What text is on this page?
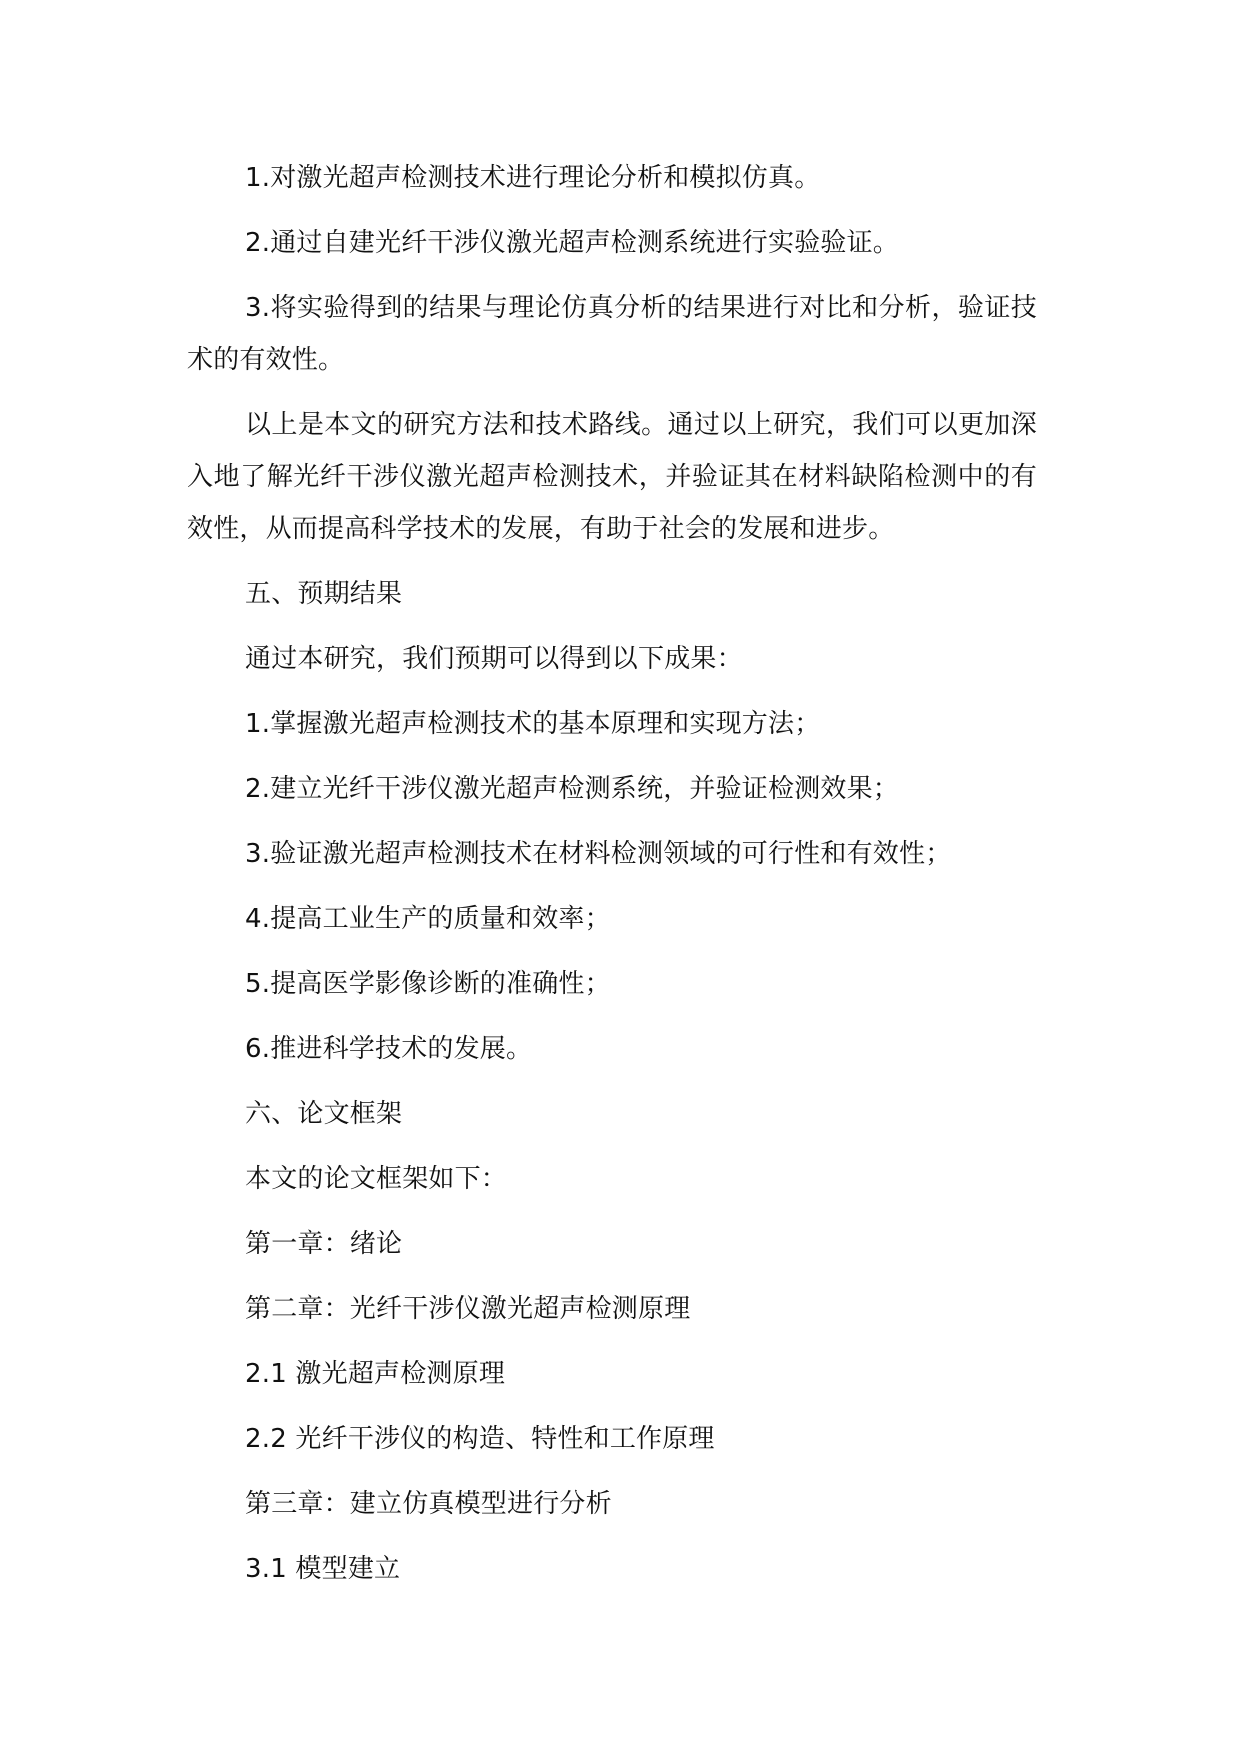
1.对激光超声检测技术进行理论分析和模拟仿真。

2.通过自建光纤干涉仪激光超声检测系统进行实验验证。

3.将实验得到的结果与理论仿真分析的结果进行对比和分析，验证技术的有效性。

以上是本文的研究方法和技术路线。通过以上研究，我们可以更加深入地了解光纤干涉仪激光超声检测技术，并验证其在材料缺陷检测中的有效性，从而提高科学技术的发展，有助于社会的发展和进步。

五、预期结果

通过本研究，我们预期可以得到以下成果：

1.掌握激光超声检测技术的基本原理和实现方法；

2.建立光纤干涉仪激光超声检测系统，并验证检测效果；

3.验证激光超声检测技术在材料检测领域的可行性和有效性；

4.提高工业生产的质量和效率；

5.提高医学影像诊断的准确性；

6.推进科学技术的发展。

六、论文框架

本文的论文框架如下：

第一章：绪论

第二章：光纤干涉仪激光超声检测原理

2.1 激光超声检测原理

2.2 光纤干涉仪的构造、特性和工作原理

第三章：建立仿真模型进行分析

3.1 模型建立
